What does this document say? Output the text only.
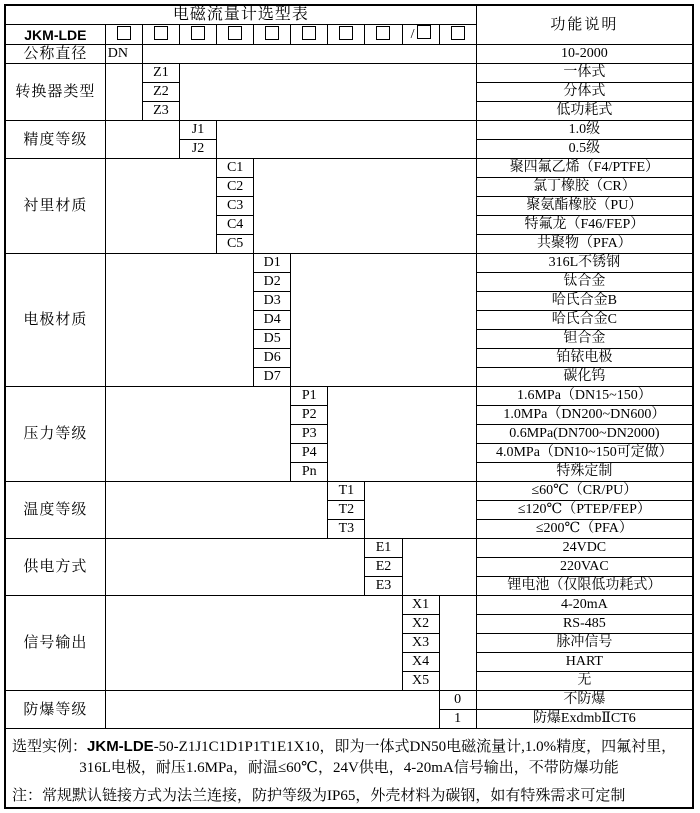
电磁流量计选型表											功能说明
JKM-LDE									/		
公称直径	DN										10-2000
转换器类型		Z1									一体式
		Z2									分体式
		Z3									低功耗式
精度等级			J1								1.0级
			J2								0.5级
衬里材质				C1							聚四氟乙烯（F4/PTFE）
				C2							氯丁橡胶（CR）
				C3							聚氨酯橡胶（PU）
				C4							特氟龙（F46/FEP）
				C5							共聚物（PFA）
电极材质					D1						316L不锈钢
					D2						钛合金
					D3						哈氏合金B
					D4						哈氏合金C
					D5						钽合金
					D6						铂铱电极
					D7						碳化钨
压力等级						P1					1.6MPa（DN15~150）
						P2					1.0MPa（DN200~DN600）
						P3					0.6MPa(DN700~DN2000)
						P4					4.0MPa（DN10~150可定做）
						Pn					特殊定制
温度等级							T1				≤60℃（CR/PU）
							T2				≤120℃（PTEP/FEP）
							T3				≤200℃（PFA）
供电方式								E1			24VDC
								E2			220VAC
								E3			锂电池（仅限低功耗式）
信号输出									X1		4-20mA
									X2		RS-485
									X3		脉冲信号
									X4		HART
									X5		无
防爆等级										0	不防爆
										1	防爆ExdmbⅡCT6

选型实例：JKM-LDE-50-Z1J1C1D1P1T1E1X10，即为一体式DN50电磁流量计,1.0%精度，四氟衬里，
316L电极，耐压1.6MPa，耐温≤60℃，24V供电，4-20mA信号输出，不带防爆功能
注：常规默认链接方式为法兰连接，防护等级为IP65，外壳材料为碳钢，如有特殊需求可定制											
